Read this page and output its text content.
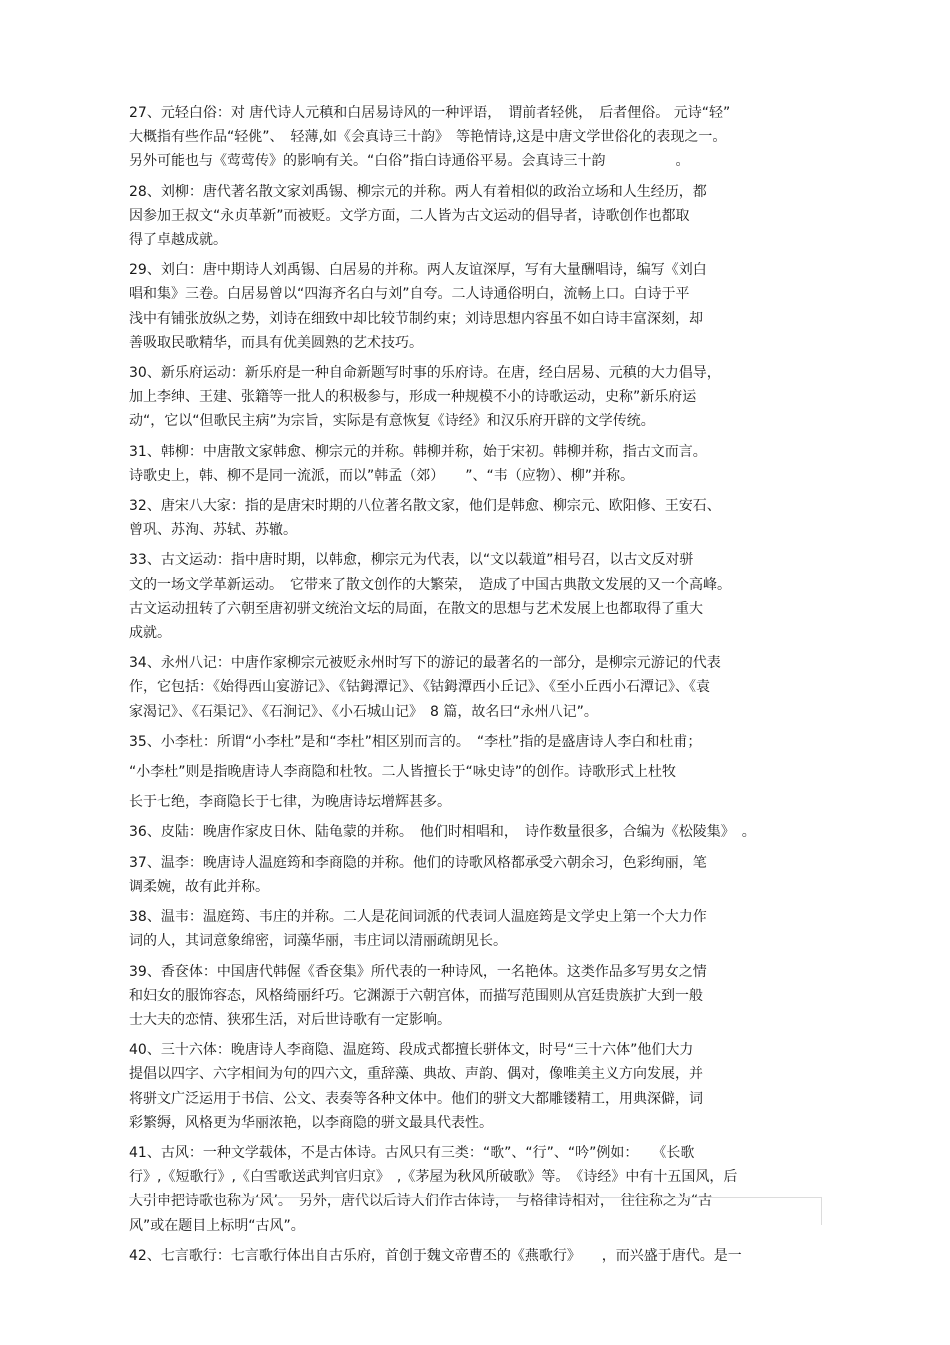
27、元轻白俗：对 唐代诗人元稹和白居易诗风的一种评语，　谓前者轻佻，　后者俚俗。 元诗“轻”
大概指有些作品“轻佻”、　轻薄,如《会真诗三十韵》　等艳情诗,这是中唐文学世俗化的表现之一。
另外可能也与《莺莺传》的影响有关。“白俗”指白诗通俗平易。会真诗三十韵　　　　　。
28、刘柳：唐代著名散文家刘禹锡、柳宗元的并称。两人有着相似的政治立场和人生经历，都
因参加王叔文“永贞革新”而被贬。文学方面，二人皆为古文运动的倡导者，诗歌创作也都取
得了卓越成就。
29、刘白：唐中期诗人刘禹锡、白居易的并称。两人友谊深厚，写有大量酬唱诗，编写《刘白
唱和集》三卷。白居易曾以“四海齐名白与刘”自夸。二人诗通俗明白，流畅上口。白诗于平
浅中有铺张放纵之势，刘诗在细致中却比较节制约束；刘诗思想内容虽不如白诗丰富深刻，却
善吸取民歌精华，而具有优美圆熟的艺术技巧。
30、新乐府运动：新乐府是一种自命新题写时事的乐府诗。在唐，经白居易、元稹的大力倡导，
加上李绅、王建、张籍等一批人的积极参与，形成一种规模不小的诗歌运动，史称”新乐府运
动“，它以“但歌民主病”为宗旨，实际是有意恢复《诗经》和汉乐府开辟的文学传统。
31、韩柳：中唐散文家韩愈、柳宗元的并称。韩柳并称，始于宋初。韩柳并称，指古文而言。
诗歌史上，韩、柳不是同一流派，而以”韩孟（郊）　　”、“韦（应物）、柳”并称。
32、唐宋八大家：指的是唐宋时期的八位著名散文家，他们是韩愈、柳宗元、欧阳修、王安石、
曾巩、苏洵、苏轼、苏辙。
33、古文运动：指中唐时期，以韩愈，柳宗元为代表，以“文以载道”相号召，以古文反对骈
文的一场文学革新运动。　它带来了散文创作的大繁荣，　造成了中国古典散文发展的又一个高峰。
古文运动扭转了六朝至唐初骈文统治文坛的局面，在散文的思想与艺术发展上也都取得了重大
成就。
34、永州八记：中唐作家柳宗元被贬永州时写下的游记的最著名的一部分，是柳宗元游记的代表
作，它包括：《始得西山宴游记》、《钴鉧潭记》、《钴鉧潭西小丘记》、《至小丘西小石潭记》、《袁
家渴记》、《石渠记》、《石涧记》、《小石城山记》　8 篇，故名曰“永州八记”。
35、小李杜：所谓“小李杜”是和“李杜”相区别而言的。　“李杜”指的是盛唐诗人李白和杜甫；
“小李杜”则是指晚唐诗人李商隐和杜牧。二人皆擅长于“咏史诗”的创作。诗歌形式上杜牧
长于七绝，李商隐长于七律，为晚唐诗坛增辉甚多。
36、皮陆：晚唐作家皮日休、陆龟蒙的并称。　他们时相唱和，　诗作数量很多，合编为《松陵集》　。
37、温李：晚唐诗人温庭筠和李商隐的并称。他们的诗歌风格都承受六朝余习，色彩绚丽，笔
调柔婉，故有此并称。
38、温韦：温庭筠、韦庄的并称。二人是花间词派的代表词人温庭筠是文学史上第一个大力作
词的人，其词意象绵密，词藻华丽，韦庄词以清丽疏朗见长。
39、香奁体：中国唐代韩偓《香奁集》所代表的一种诗风，一名艳体。这类作品多写男女之情
和妇女的服饰容态，风格绮丽纤巧。它渊源于六朝宫体，而描写范围则从宫廷贵族扩大到一般
士大夫的恋情、狭邪生活，对后世诗歌有一定影响。
40、三十六体：晚唐诗人李商隐、温庭筠、段成式都擅长骈体文，时号“三十六体”他们大力
提倡以四字、六字相间为句的四六文，重辞藻、典故、声韵、偶对，像唯美主义方向发展，并
将骈文广泛运用于书信、公文、表奏等各种文体中。他们的骈文大都雕镂精工，用典深僻，词
彩繁缛，风格更为华丽浓艳，以李商隐的骈文最具代表性。
41、古风：一种文学载体，不是古体诗。古风只有三类：“歌”、“行”、“吟”例如：　　《长歌
行》,《短歌行》,《白雪歌送武判官归京》　,《茅屋为秋风所破歌》等。　《诗经》中有十五国风，后
人引申把诗歌也称为‘风’。　另外，唐代以后诗人们作古体诗，　与格律诗相对，　往往称之为“古
风”或在题目上标明“古风”。
42、七言歌行：七言歌行体出自古乐府，首创于魏文帝曹丕的《燕歌行》　　，而兴盛于唐代。是一
